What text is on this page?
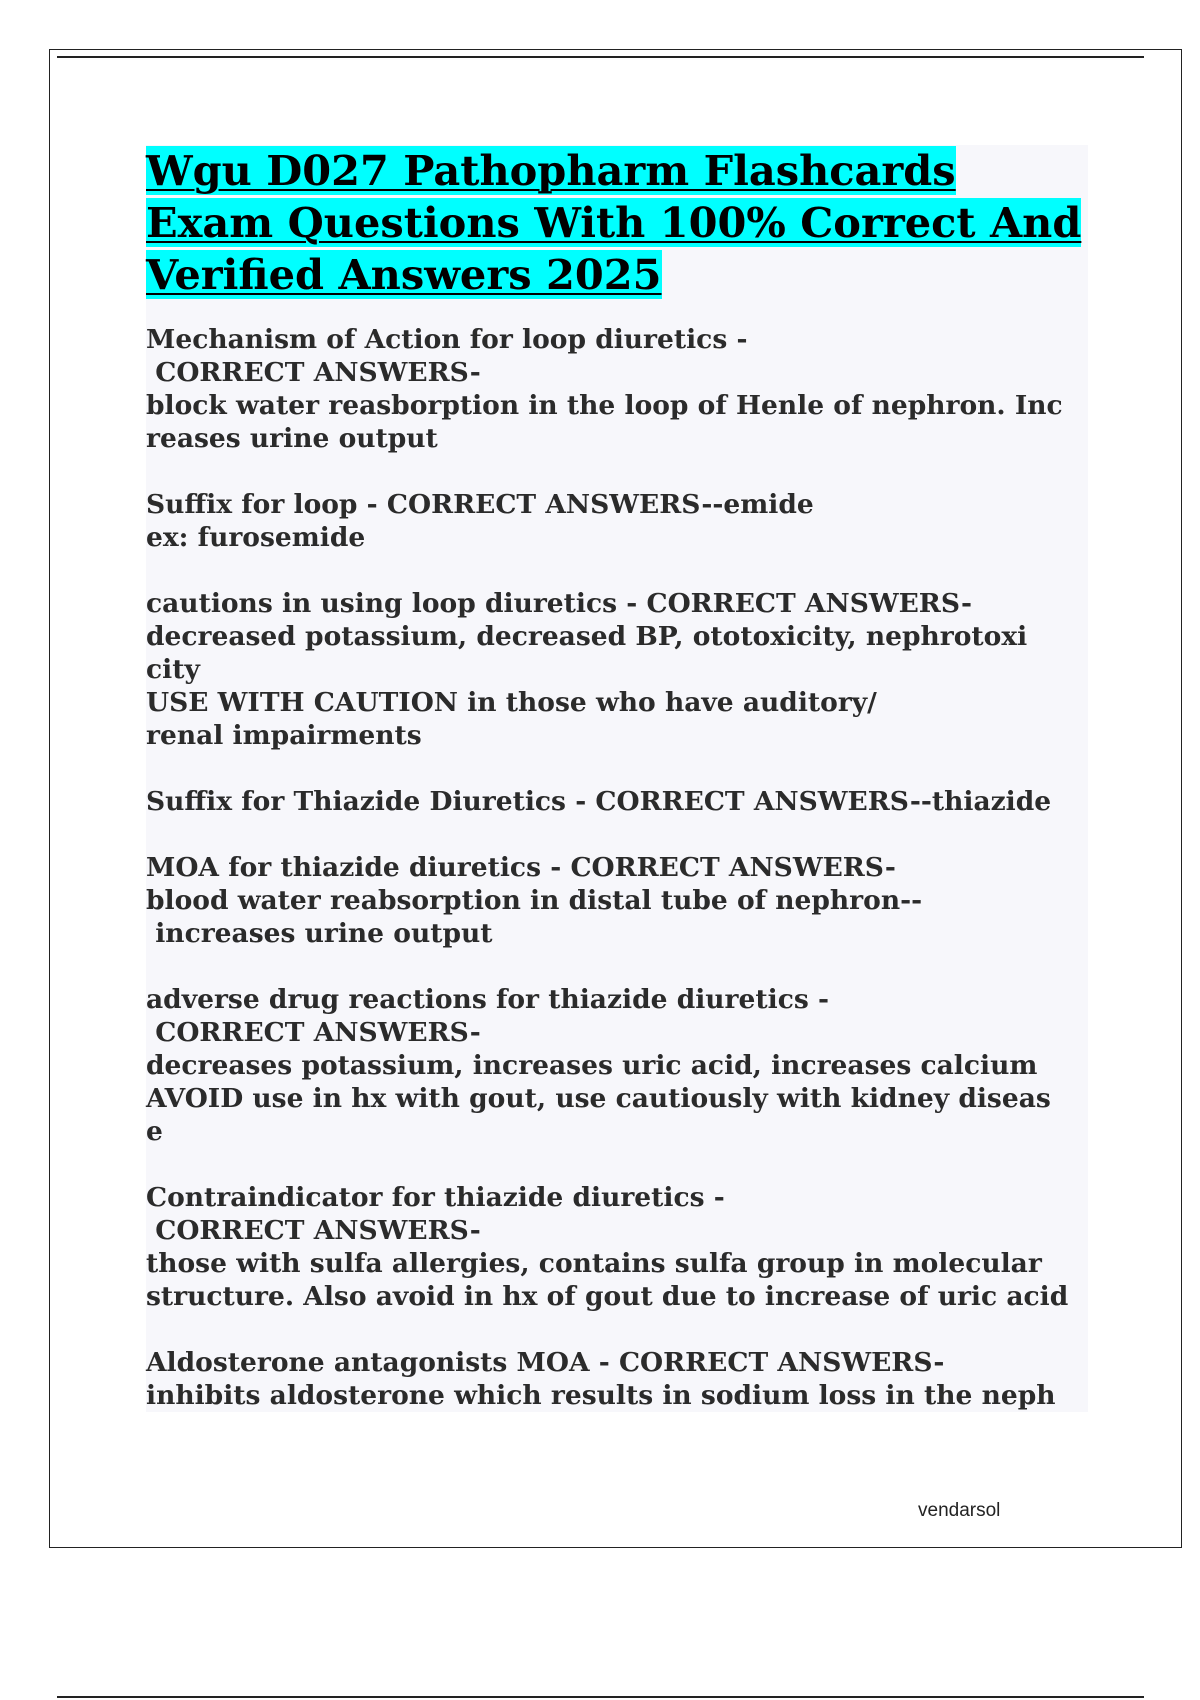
Wgu D027 Pathopharm Flashcards Exam Questions With 100% Correct And Verified Answers 2025
Mechanism of Action for loop diuretics -
CORRECT ANSWERS-
block water reasborption in the loop of Henle of nephron. Inc
reases urine output
Suffix for loop - CORRECT ANSWERS--emide
ex: furosemide
cautions in using loop diuretics - CORRECT ANSWERS-
decreased potassium, decreased BP, ototoxicity, nephrotoxi
city
USE WITH CAUTION in those who have auditory/
renal impairments
Suffix for Thiazide Diuretics - CORRECT ANSWERS--thiazide
MOA for thiazide diuretics - CORRECT ANSWERS-
blood water reabsorption in distal tube of nephron--
increases urine output
adverse drug reactions for thiazide diuretics -
CORRECT ANSWERS-
decreases potassium, increases uric acid, increases calcium
AVOID use in hx with gout, use cautiously with kidney diseas
e
Contraindicator for thiazide diuretics -
CORRECT ANSWERS-
those with sulfa allergies, contains sulfa group in molecular
structure. Also avoid in hx of gout due to increase of uric acid
Aldosterone antagonists MOA - CORRECT ANSWERS-
inhibits aldosterone which results in sodium loss in the neph
vendarsol
